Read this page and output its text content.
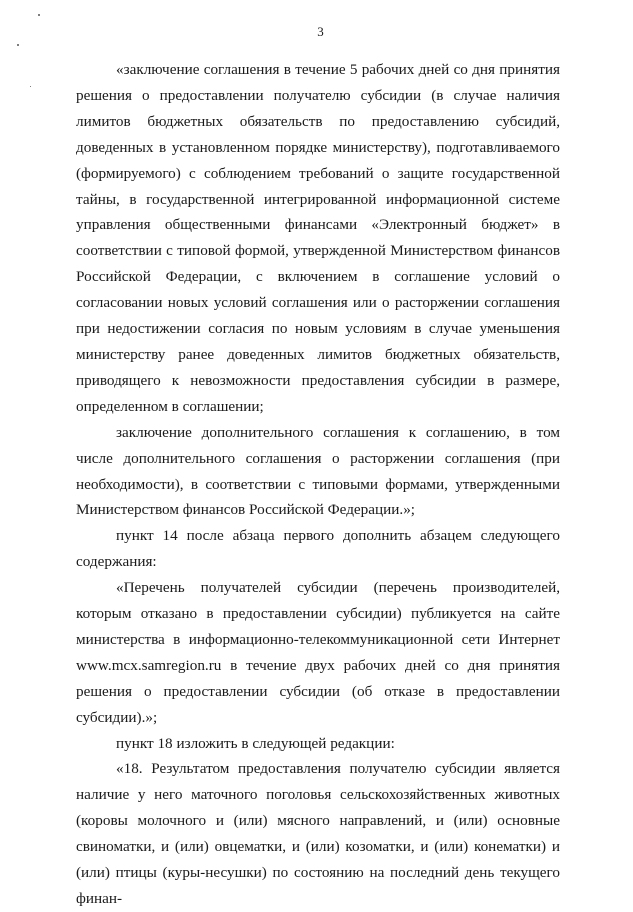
3

«заключение соглашения в течение 5 рабочих дней со дня принятия решения о предоставлении получателю субсидии (в случае наличия лимитов бюджетных обязательств по предоставлению субсидий, доведенных в установленном порядке министерству), подготавливаемого (формируемого) с соблюдением требований о защите государственной тайны, в государственной интегрированной информационной системе управления общественными финансами «Электронный бюджет» в соответствии с типовой формой, утвержденной Министерством финансов Российской Федерации, с включением в соглашение условий о согласовании новых условий соглашения или о расторжении соглашения при недостижении согласия по новым условиям в случае уменьшения министерству ранее доведенных лимитов бюджетных обязательств, приводящего к невозможности предоставления субсидии в размере, определенном в соглашении;

заключение дополнительного соглашения к соглашению, в том числе дополнительного соглашения о расторжении соглашения (при необходимости), в соответствии с типовыми формами, утвержденными Министерством финансов Российской Федерации.»;

пункт 14 после абзаца первого дополнить абзацем следующего содержания:

«Перечень получателей субсидии (перечень производителей, которым отказано в предоставлении субсидии) публикуется на сайте министерства в информационно-телекоммуникационной сети Интернет www.mcx.samregion.ru в течение двух рабочих дней со дня принятия решения о предоставлении субсидии (об отказе в предоставлении субсидии).»;

пункт 18 изложить в следующей редакции:

«18. Результатом предоставления получателю субсидии является наличие у него маточного поголовья сельскохозяйственных животных (коровы молочного и (или) мясного направлений, и (или) основные свиноматки, и (или) овцематки, и (или) козоматки, и (или) конематки) и (или) птицы (куры-несушки) по состоянию на последний день текущего финан-
